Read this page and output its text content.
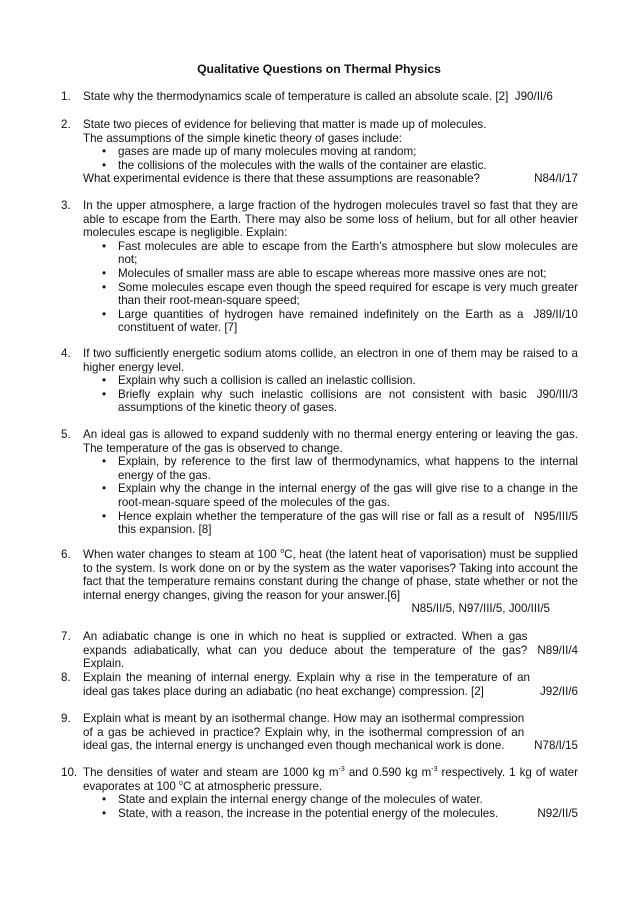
Qualitative Questions on Thermal Physics
1.	State why the thermodynamics scale of temperature is called an absolute scale. [2] J90/II/6

2.	State two pieces of evidence for believing that matter is made up of molecules.

The assumptions of the simple kinetic theory of gases include:

• gases are made up of many molecules moving at random;
• the collisions of the molecules with the walls of the container are elastic.

N84/I/17
What experimental evidence is there that these assumptions are reasonable?

3.	In the upper atmosphere, a large fraction of the hydrogen molecules travel so fast that they are able to escape from the Earth. There may also be some loss of helium, but for all other heavier molecules escape is negligible. Explain:

• Fast molecules are able to escape from the Earth’s atmosphere but slow molecules are not;
• Molecules of smaller mass are able to escape whereas more massive ones are not;
• Some molecules escape even though the speed required for escape is very much greater than their root-mean-square speed;
• J89/II/10
Large quantities of hydrogen have remained indefinitely on the Earth as a constituent of water. [7]
4.	If two sufficiently energetic sodium atoms collide, an electron in one of them may be raised to a higher energy level.

• Explain why such a collision is called an inelastic collision.
• J90/III/3
Briefly explain why such inelastic collisions are not consistent with basic assumptions of the kinetic theory of gases.
5.	An ideal gas is allowed to expand suddenly with no thermal energy entering or leaving the gas. The temperature of the gas is observed to change.

• Explain, by reference to the first law of thermodynamics, what happens to the internal energy of the gas.
• Explain why the change in the internal energy of the gas will give rise to a change in the root-mean-square speed of the molecules of the gas.
• N95/III/5
Hence explain whether the temperature of the gas will rise or fall as a result of this expansion. [8]
6.	When water changes to steam at 100 $^o$C, heat (the latent heat of vaporisation) must be supplied to the system. Is work done on or by the system as the water vaporises? Taking into account the fact that the temperature remains constant during the change of phase, state whether or not the internal energy changes, giving the reason for your answer.[6]

N85/II/5, N97/III/5, J00/III/5

7.

N89/II/4
An adiabatic change is one in which no heat is supplied or extracted. When a gas expands adiabatically, what can you deduce about the temperature of the gas? Explain.

8.

J92/II/6
Explain the meaning of internal energy. Explain why a rise in the temperature of an ideal gas takes place during an adiabatic (no heat exchange) compression. [2]

9.

N78/I/15
Explain what is meant by an isothermal change. How may an isothermal compression of a gas be achieved in practice? Explain why, in the isothermal compression of an ideal gas, the internal energy is unchanged even though mechanical work is done.

10. The densities of water and steam are 1000 kg $m^{-3}$ and 0.590 kg $m^{-3}$ respectively. 1 kg of water evaporates at 100 $^o$C at atmospheric pressure.

• State and explain the internal energy change of the molecules of water.
• N92/II/5
State, with a reason, the increase in the potential energy of the molecules.
